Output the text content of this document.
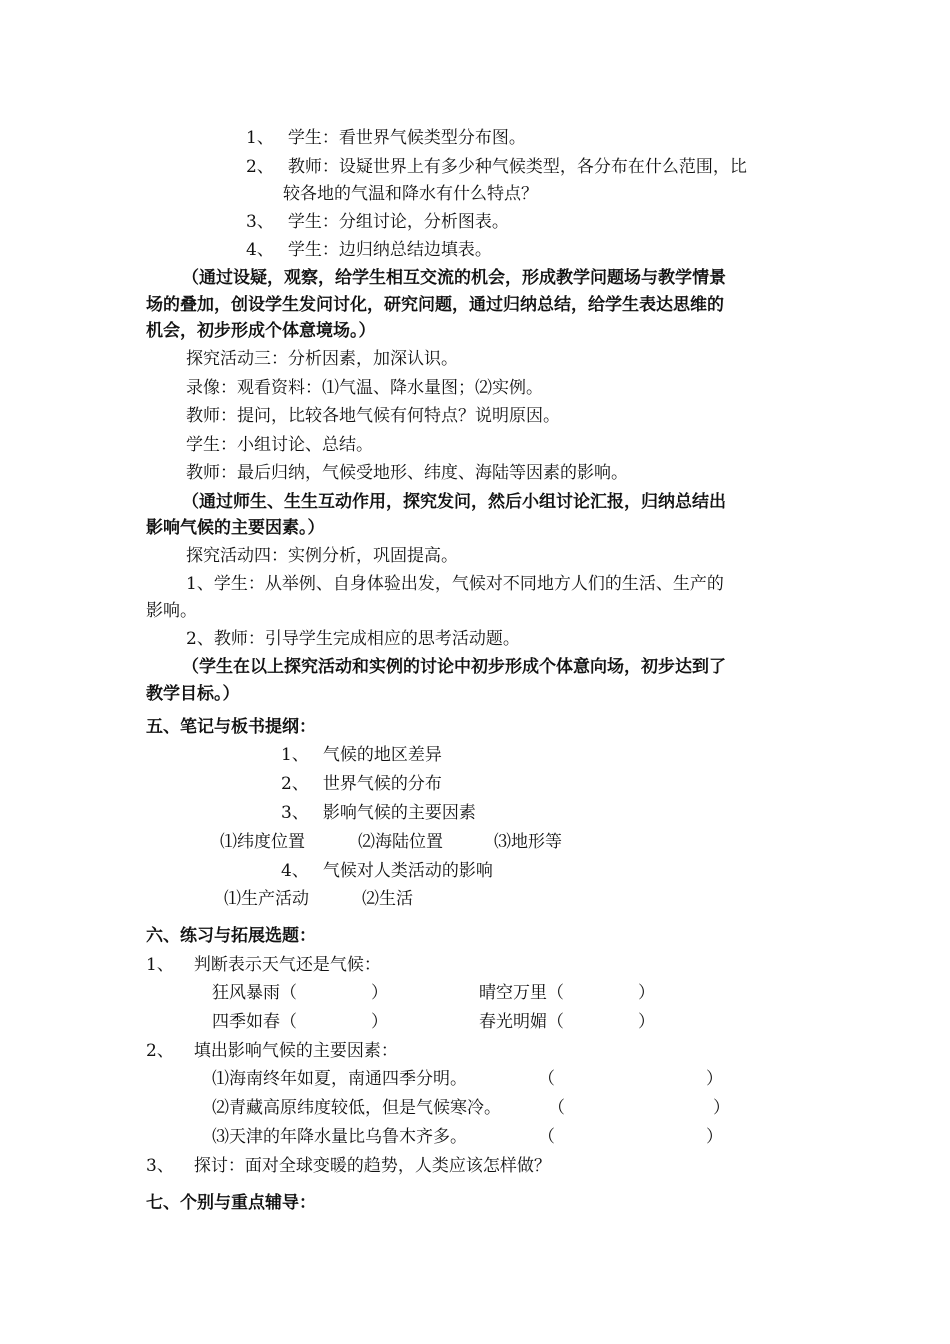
1、 学生：看世界气候类型分布图。
2、 教师：设疑世界上有多少种气候类型，各分布在什么范围，比
较各地的气温和降水有什么特点？
3、 学生：分组讨论，分析图表。
4、 学生：边归纳总结边填表。
（通过设疑，观察，给学生相互交流的机会，形成教学问题场与教学情景
场的叠加，创设学生发问讨化，研究问题，通过归纳总结，给学生表达思维的
机会，初步形成个体意境场。）
探究活动三：分析因素，加深认识。
录像：观看资料：⑴气温、降水量图；⑵实例。
教师：提问，比较各地气候有何特点？说明原因。
学生：小组讨论、总结。
教师：最后归纳，气候受地形、纬度、海陆等因素的影响。
（通过师生、生生互动作用，探究发问，然后小组讨论汇报，归纳总结出
影响气候的主要因素。）
探究活动四：实例分析，巩固提高。
1、学生：从举例、自身体验出发，气候对不同地方人们的生活、生产的
影响。
2、教师：引导学生完成相应的思考活动题。
（学生在以上探究活动和实例的讨论中初步形成个体意向场，初步达到了
教学目标。）
五、笔记与板书提纲：
1、 气候的地区差异
2、 世界气候的分布
3、 影响气候的主要因素
⑴纬度位置	⑵海陆位置	⑶地形等
4、 气候对人类活动的影响
⑴生产活动	⑵生活
六、练习与拓展选题：
1、 判断表示天气还是气候：
狂风暴雨（	）	晴空万里（	）
四季如春（	）	春光明媚（	）
2、 填出影响气候的主要因素：
⑴海南终年如夏，南通四季分明。	（	）
⑵青藏高原纬度较低，但是气候寒冷。	（	）
⑶天津的年降水量比乌鲁木齐多。	（	）
3、 探讨：面对全球变暖的趋势，人类应该怎样做？
七、个别与重点辅导：
